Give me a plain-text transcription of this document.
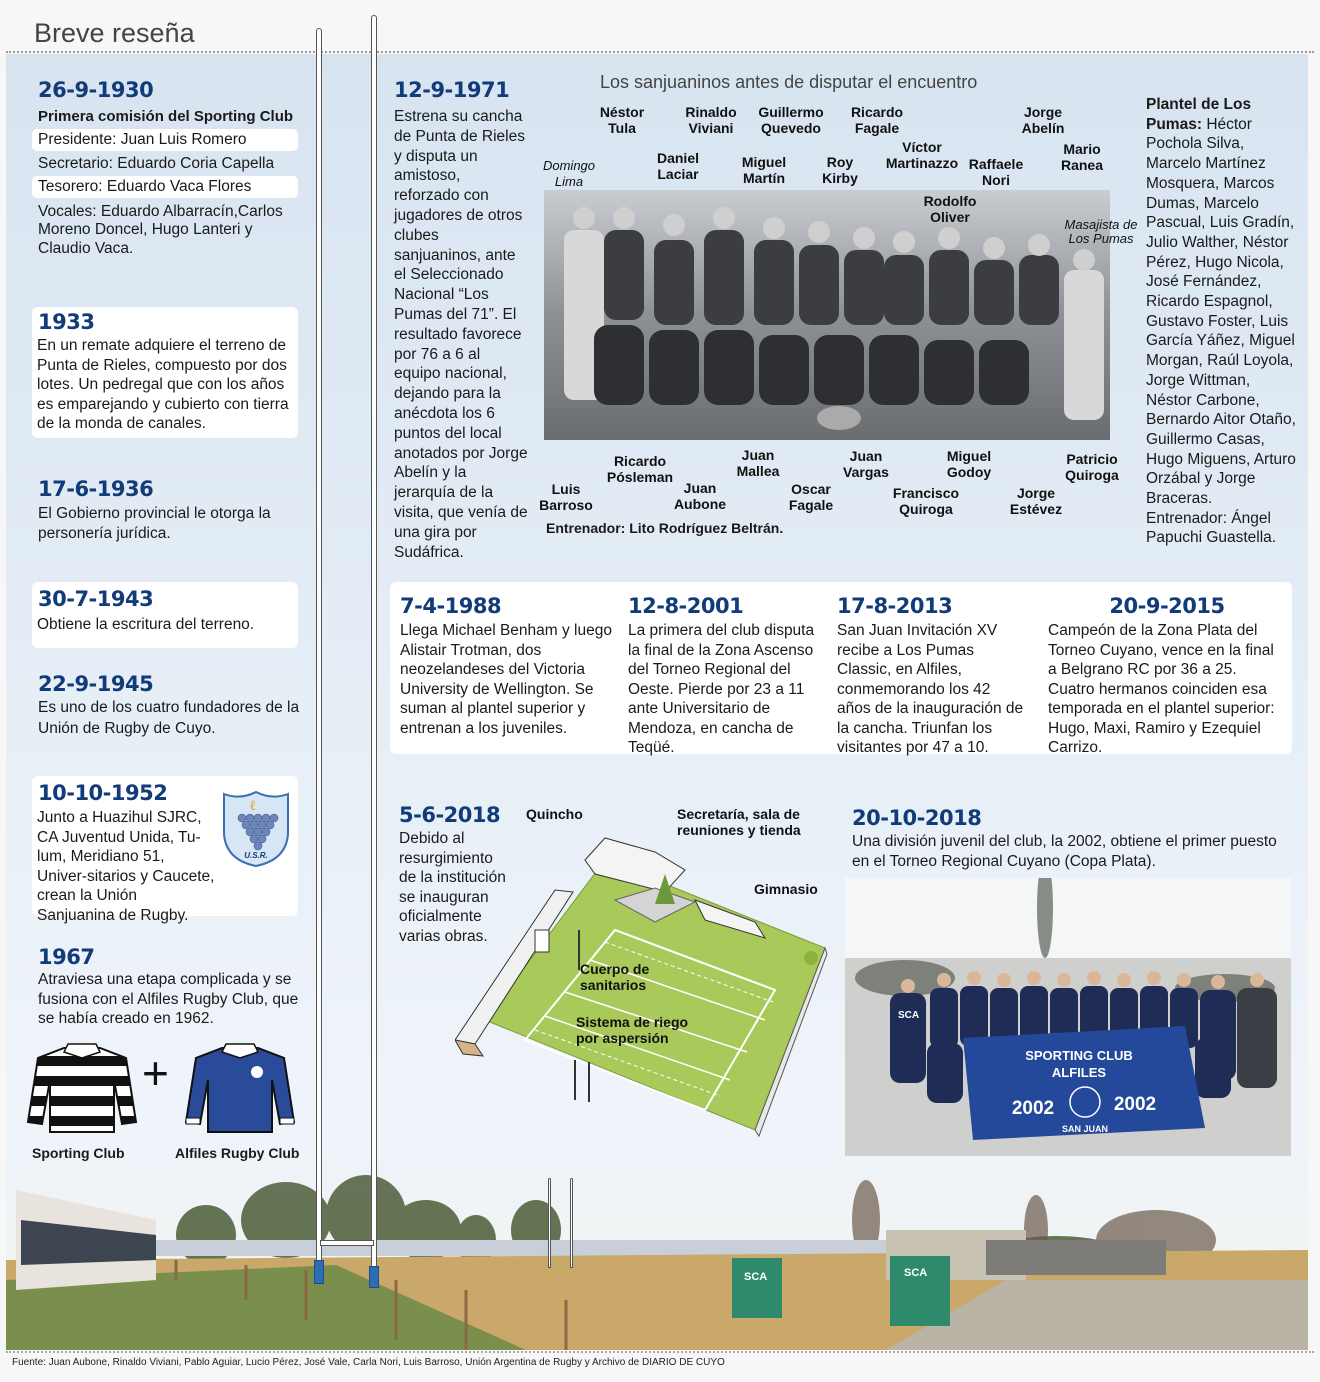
Breve reseña
SCA	SCA
26-9-1930
Primera comisión del Sporting Club
Presidente: Juan Luis Romero
Secretario: Eduardo Coria Capella
Tesorero: Eduardo Vaca Flores
Vocales: Eduardo Albarracín,Carlos Moreno Doncel, Hugo Lanteri y Claudio Vaca.
1933
En un remate adquiere el terreno de Punta de Rieles, compuesto por dos lotes. Un pedregal que con los años es emparejando y cubierto con tierra de la monda de canales.
17-6-1936
El Gobierno provincial le otorga la personería jurídica.
30-7-1943
Obtiene la escritura del terreno.
22-9-1945
Es uno de los cuatro fundadores de la Unión de Rugby de Cuyo.
10-10-1952
Junto a Huazihul SJRC, CA Juventud Unida, Tu-lum, Meridiano 51, Univer-sitarios y Caucete, crean la Unión Sanjuanina de Rugby.
ℓ
U.S.R.
1967
Atraviesa una etapa complicada y se fusiona con el Alfiles Rugby Club, que se había creado en 1962.
+
Sporting Club	Alfiles Rugby Club
12-9-1971
Estrena su cancha de Punta de Rieles y disputa un amistoso, reforzado con jugadores de otros clubes sanjuaninos, ante el Seleccionado Nacional “Los Pumas del 71”. El resultado favorece por 76 a 6 al equipo nacional, dejando para la anécdota los 6 puntos del local anotados por Jorge Abelín y la jerarquía de la visita, que venía de una gira por Sudáfrica.
Los sanjuaninos antes de disputar el encuentro
Domingo Lima
Néstor Tula
Daniel Laciar
Rinaldo Viviani
Miguel Martín
Guillermo Quevedo
Roy Kirby
Ricardo Fagale
Víctor Martinazzo
Rodolfo Oliver
Raffaele Nori
Jorge Abelín
Mario Ranea
Masajista de Los Pumas
Luis Barroso
Ricardo Pósleman
Juan Aubone
Juan Mallea
Oscar Fagale
Juan Vargas
Francisco Quiroga
Miguel Godoy
Jorge Estévez
Patricio Quiroga
Entrenador: Lito Rodríguez Beltrán.
Plantel de Los Pumas: Héctor Pochola Silva, Marcelo Martínez Mosquera, Marcos Dumas, Marcelo Pascual, Luis Gradín, Julio Walther, Néstor Pérez, Hugo Nicola, José Fernández, Ricardo Espagnol, Gustavo Foster, Luis García Yáñez, Miguel Morgan, Raúl Loyola, Jorge Wittman, Néstor Carbone, Bernardo Aitor Otaño, Guillermo Casas, Hugo Miguens, Arturo Orzábal y Jorge Braceras. Entrenador: Ángel Papuchi Guastella.
7-4-1988
Llega Michael Benham y luego Alistair Trotman, dos neozelandeses del Victoria University de Wellington. Se suman al plantel superior y entrenan a los juveniles.
12-8-2001
La primera del club disputa la final de la Zona Ascenso del Torneo Regional del Oeste. Pierde por 23 a 11 ante Universitario de Mendoza, en cancha de Teqüé.
17-8-2013
San Juan Invitación XV recibe a Los Pumas Classic, en Alfiles, conmemorando los 42 años de la inauguración de la cancha. Triunfan los visitantes por 47 a 10.
20-9-2015
Campeón de la Zona Plata del Torneo Cuyano, vence en la final a Belgrano RC por 36 a 25. Cuatro hermanos coinciden esa temporada en el plantel superior: Hugo, Maxi, Ramiro y Ezequiel Carrizo.
5-6-2018
Debido al resurgimiento de la institución se inauguran oficialmente varias obras.
Quincho	Secretaría, sala de reuniones y tienda
Gimnasio
Cuerpo de sanitarios
Sistema de riego por aspersión
20-10-2018
Una división juvenil del club, la 2002, obtiene el primer puesto en el Torneo Regional Cuyano (Copa Plata).
SCA
SPORTING CLUB
ALFILES
2002	2002
SAN JUAN
Fuente: Juan Aubone, Rinaldo Viviani, Pablo Aguiar, Lucio Pérez, José Vale, Carla Nori, Luis Barroso, Unión Argentina de Rugby y Archivo de DIARIO DE CUYO
